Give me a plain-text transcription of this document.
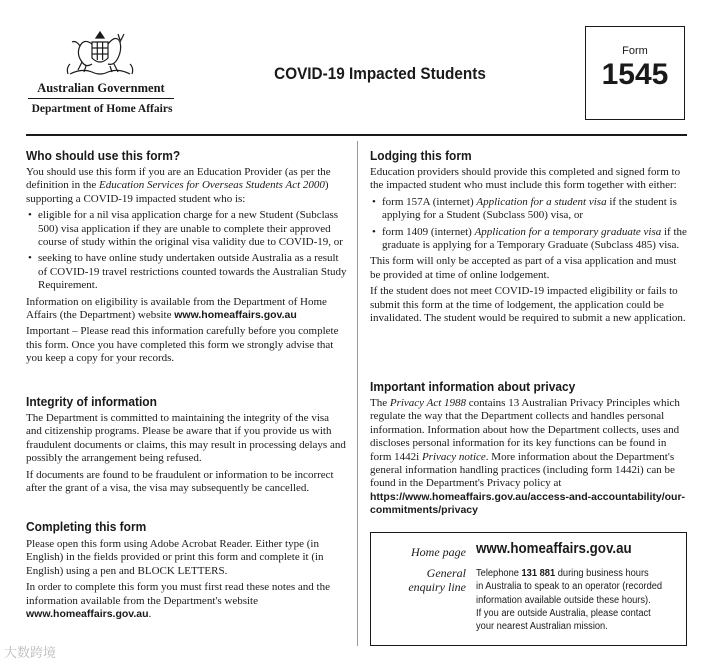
Australian Government
Department of Home Affairs
COVID-19 Impacted Students
Form
1545
Who should use this form?

You should use this form if you are an Education Provider (as per the definition in the Education Services for Overseas Students Act 2000) supporting a COVID-19 impacted student who is:

• eligible for a nil visa application charge for a new Student (Subclass 500) visa application if they are unable to complete their approved course of study within the original visa validity due to COVID-19, or
• seeking to have online study undertaken outside Australia as a result of COVID-19 travel restrictions counted towards the Australian Study Requirement.

Information on eligibility is available from the Department of Home Affairs (the Department) website www.homeaffairs.gov.au

Important – Please read this information carefully before you complete this form. Once you have completed this form we strongly advise that you keep a copy for your records.

Integrity of information

The Department is committed to maintaining the integrity of the visa and citizenship programs. Please be aware that if you provide us with fraudulent documents or claims, this may result in processing delays and possibly the arrangement being refused.

If documents are found to be fraudulent or information to be incorrect after the grant of a visa, the visa may subsequently be cancelled.

Completing this form

Please open this form using Adobe Acrobat Reader. Either type (in English) in the fields provided or print this form and complete it (in English) using a pen and BLOCK LETTERS.

In order to complete this form you must first read these notes and the information available from the Department's website www.homeaffairs.gov.au.

Lodging this form

Education providers should provide this completed and signed form to the impacted student who must include this form together with either:

• form 157A (internet) Application for a student visa if the student is applying for a Student (Subclass 500) visa, or
• form 1409 (internet) Application for a temporary graduate visa if the graduate is applying for a Temporary Graduate (Subclass 485) visa.

This form will only be accepted as part of a visa application and must be provided at time of online lodgement.

If the student does not meet COVID-19 impacted eligibility or fails to submit this form at the time of lodgement, the application could be invalidated. The student would be required to submit a new application.

Important information about privacy

The Privacy Act 1988 contains 13 Australian Privacy Principles which regulate the way that the Department collects and handles personal information. Information about how the Department collects, uses and discloses personal information for its key functions can be found in form 1442i Privacy notice. More information about the Department's general information handling practices (including form 1442i) can be found in the Department's Privacy policy at https://www.homeaffairs.gov.au/access-and-accountability/our-commitments/privacy

Home page www.homeaffairs.gov.au
General
enquiry line
Telephone 131 881 during business hours
in Australia to speak to an operator (recorded
information available outside these hours).
If you are outside Australia, please contact
your nearest Australian mission.
大数跨境
